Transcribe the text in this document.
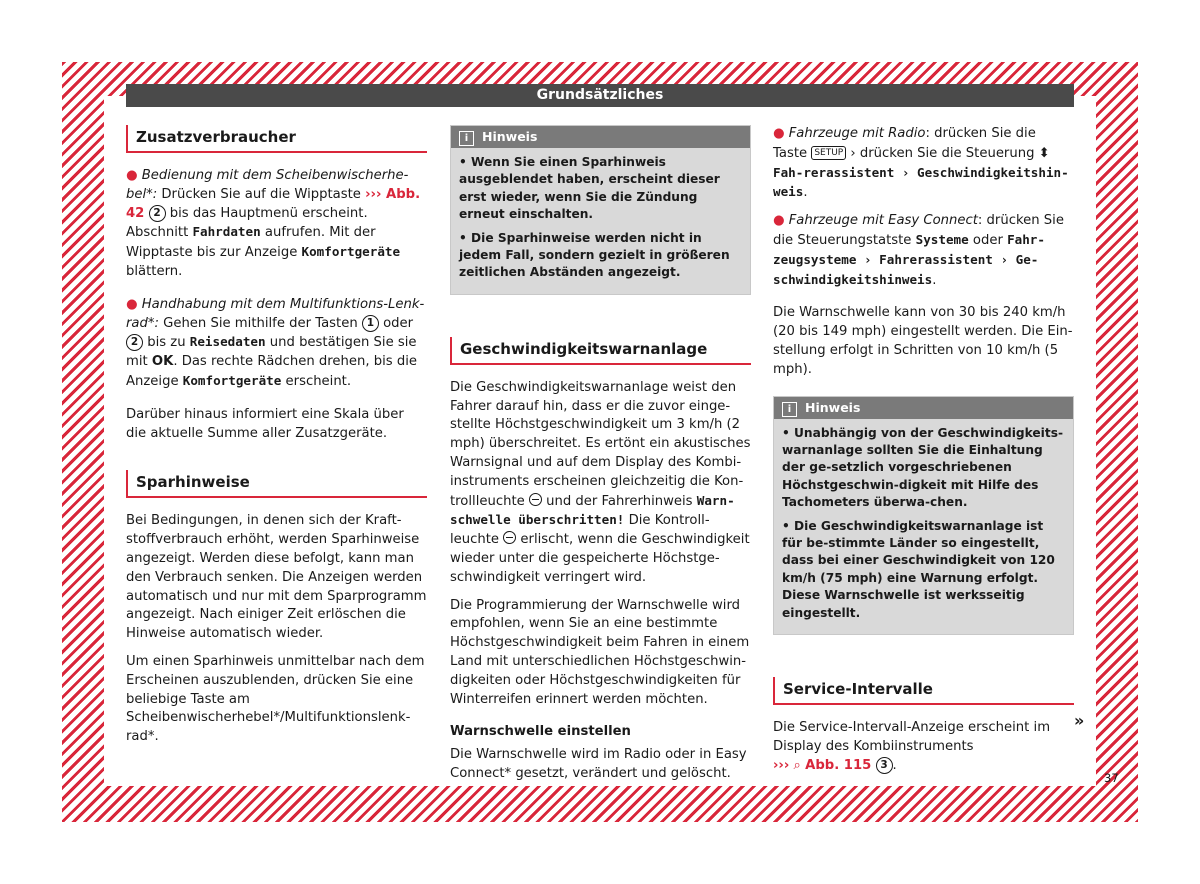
Grundsätzliches
Zusatzverbraucher

● Bedienung mit dem Scheibenwischerhe-bel*: Drücken Sie auf die Wipptaste ››› Abb. 42 2 bis das Hauptmenü erscheint. Abschnitt Fahrdaten aufrufen. Mit der Wipptaste bis zur Anzeige Komfortgeräte blättern.

● Handhabung mit dem Multifunktions-Lenk-rad*: Gehen Sie mithilfe der Tasten 1 oder 2 bis zu Reisedaten und bestätigen Sie sie mit OK. Das rechte Rädchen drehen, bis die Anzeige Komfortgeräte erscheint.

Darüber hinaus informiert eine Skala über die aktuelle Summe aller Zusatzgeräte.

Sparhinweise

Bei Bedingungen, in denen sich der Kraft-stoffverbrauch erhöht, werden Sparhinweise angezeigt. Werden diese befolgt, kann man den Verbrauch senken. Die Anzeigen werden automatisch und nur mit dem Sparprogramm angezeigt. Nach einiger Zeit erlöschen die Hinweise automatisch wieder.

Um einen Sparhinweis unmittelbar nach dem Erscheinen auszublenden, drücken Sie eine beliebige Taste am Scheibenwischerhebel*/Multifunktionslenk-rad*.

i Hinweis

• Wenn Sie einen Sparhinweis ausgeblendet haben, erscheint dieser erst wieder, wenn Sie die Zündung erneut einschalten.

• Die Sparhinweise werden nicht in jedem Fall, sondern gezielt in größeren zeitlichen Abständen angezeigt.

Geschwindigkeitswarnanlage

Die Geschwindigkeitswarnanlage weist den Fahrer darauf hin, dass er die zuvor einge-stellte Höchstgeschwindigkeit um 3 km/h (2 mph) überschreitet. Es ertönt ein akustisches Warnsignal und auf dem Display des Kombi-instruments erscheinen gleichzeitig die Kon-trollleuchte  und der Fahrerhinweis Warn-schwelle überschritten! Die Kontroll-leuchte  erlischt, wenn die Geschwindigkeit wieder unter die gespeicherte Höchstge-schwindigkeit verringert wird.

Die Programmierung der Warnschwelle wird empfohlen, wenn Sie an eine bestimmte Höchstgeschwindigkeit beim Fahren in einem Land mit unterschiedlichen Höchstgeschwin-digkeiten oder Höchstgeschwindigkeiten für Winterreifen erinnert werden möchten.

Warnschwelle einstellen

Die Warnschwelle wird im Radio oder in Easy Connect* gesetzt, verändert und gelöscht.

● Fahrzeuge mit Radio: drücken Sie die Taste SETUP › drücken Sie die Steuerung ⬍ Fah-rerassistent › Geschwindigkeitshin-weis.

● Fahrzeuge mit Easy Connect: drücken Sie die Steuerungstatste Systeme oder Fahr-zeugsysteme › Fahrerassistent › Ge-schwindigkeitshinweis.

Die Warnschwelle kann von 30 bis 240 km/h (20 bis 149 mph) eingestellt werden. Die Ein-stellung erfolgt in Schritten von 10 km/h (5 mph).

i Hinweis

• Unabhängig von der Geschwindigkeits-warnanlage sollten Sie die Einhaltung der ge-setzlich vorgeschriebenen Höchstgeschwin-digkeit mit Hilfe des Tachometers überwa-chen.

• Die Geschwindigkeitswarnanlage ist für be-stimmte Länder so eingestellt, dass bei einer Geschwindigkeit von 120 km/h (75 mph) eine Warnung erfolgt. Diese Warnschwelle ist werksseitig eingestellt.

Service-Intervalle

Die Service-Intervall-Anzeige erscheint im Display des Kombiinstruments
››› ⌕ Abb. 115 3 .

»
37
